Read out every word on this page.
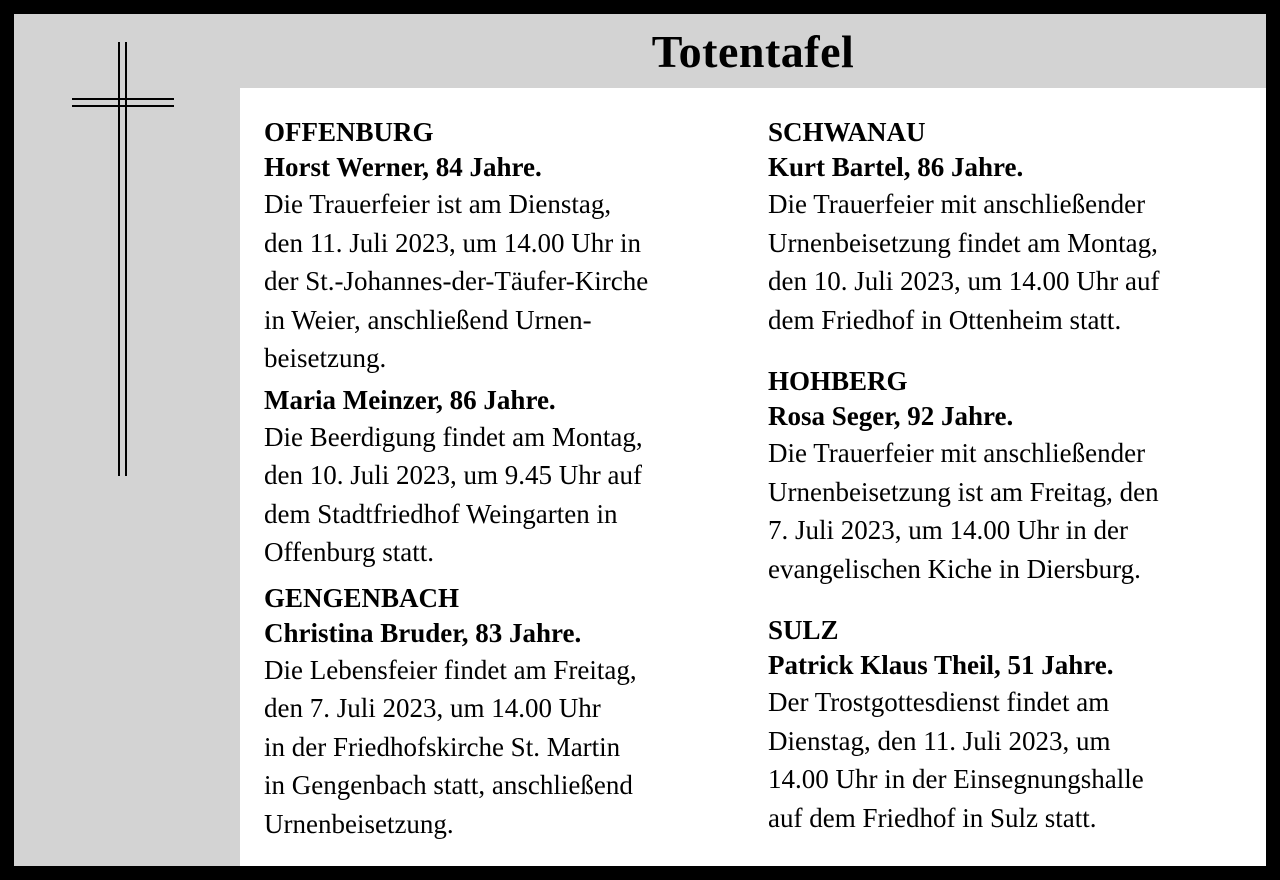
Totentafel

OFFENBURG

Horst Werner, 84 Jahre.

Die Trauerfeier ist am Dienstag,
den 11. Juli 2023, um 14.00 Uhr in
der St.-Johannes-der-Täufer-Kirche
in Weier, anschließend Urnen-
beisetzung.

Maria Meinzer, 86 Jahre.

Die Beerdigung findet am Montag,
den 10. Juli 2023, um 9.45 Uhr auf
dem Stadtfriedhof Weingarten in
Offenburg statt.

GENGENBACH

Christina Bruder, 83 Jahre.

Die Lebensfeier findet am Freitag,
den 7. Juli 2023, um 14.00 Uhr
in der Friedhofskirche St. Martin
in Gengenbach statt, anschließend
Urnenbeisetzung.

SCHWANAU

Kurt Bartel, 86 Jahre.

Die Trauerfeier mit anschließender
Urnenbeisetzung findet am Montag,
den 10. Juli 2023, um 14.00 Uhr auf
dem Friedhof in Ottenheim statt.

HOHBERG

Rosa Seger, 92 Jahre.

Die Trauerfeier mit anschließender
Urnenbeisetzung ist am Freitag, den
7. Juli 2023, um 14.00 Uhr in der
evangelischen Kiche in Diersburg.

SULZ

Patrick Klaus Theil, 51 Jahre.

Der Trostgottesdienst findet am
Dienstag, den 11. Juli 2023, um
14.00 Uhr in der Einsegnungshalle
auf dem Friedhof in Sulz statt.
